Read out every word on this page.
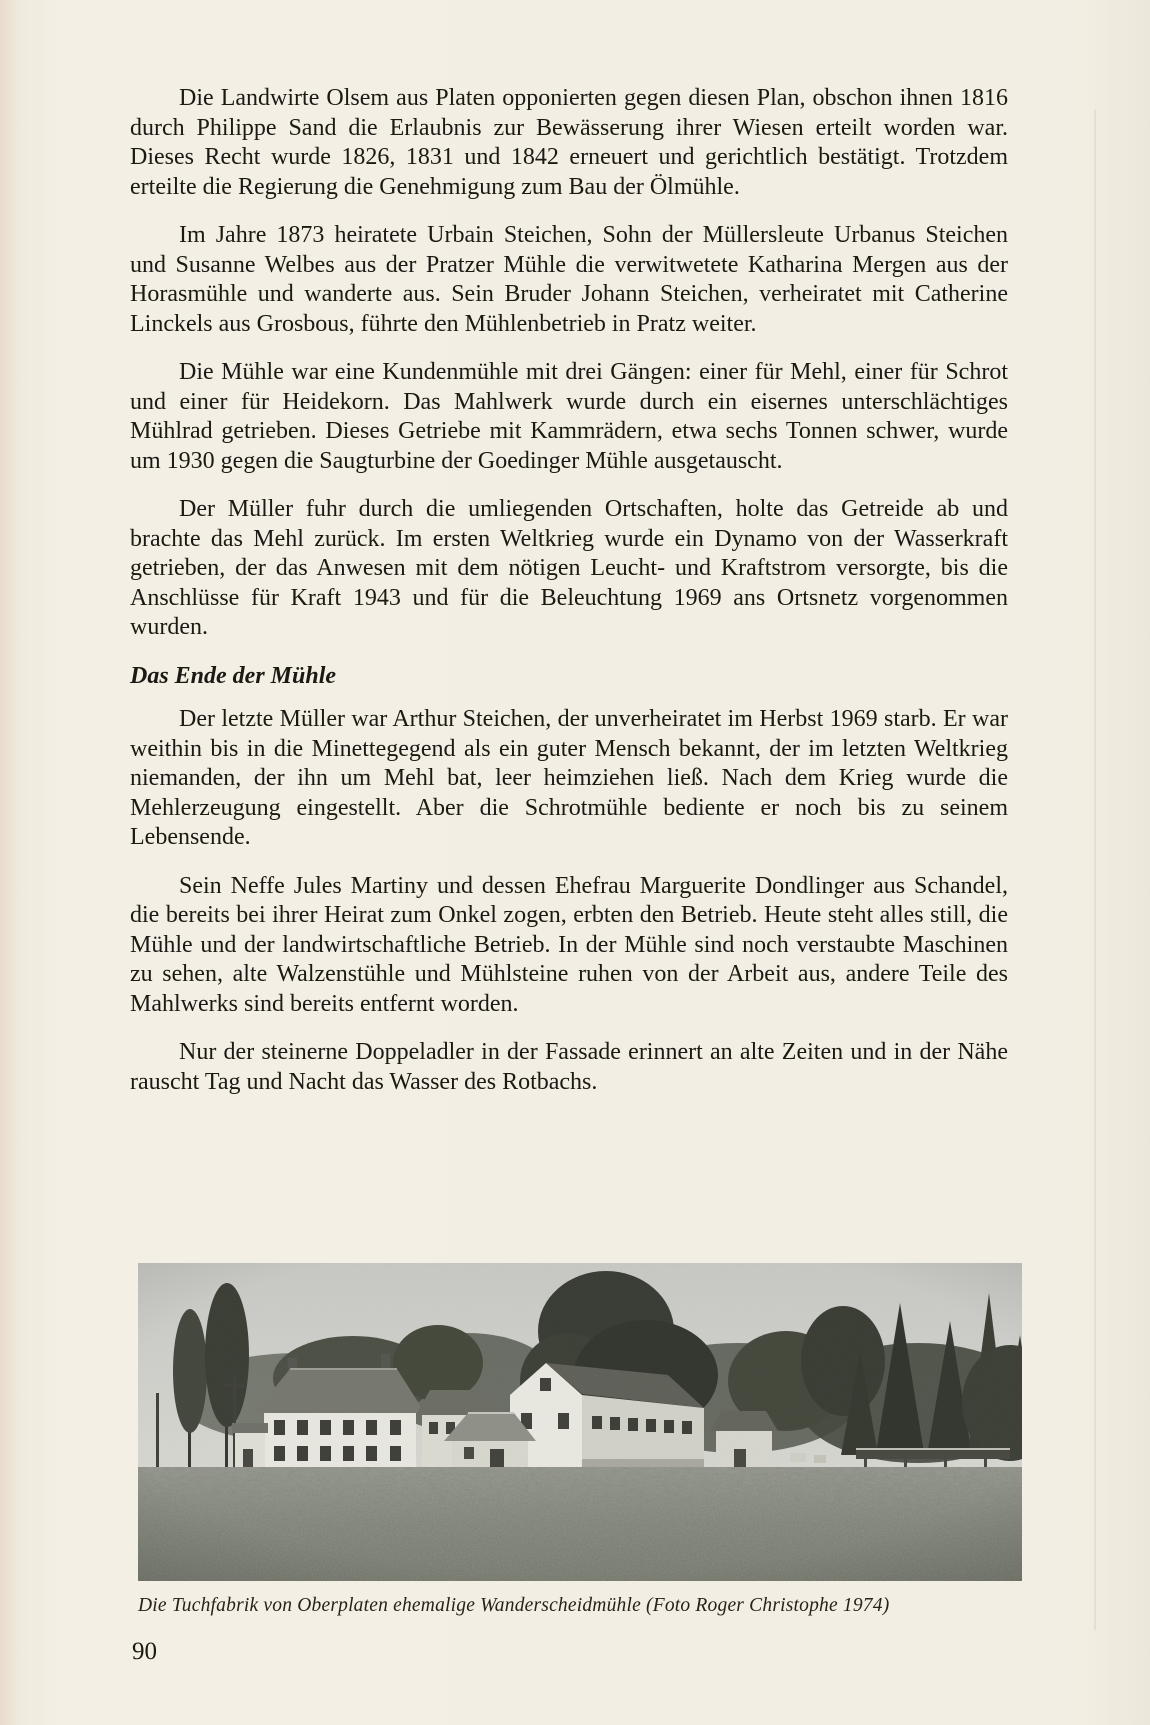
Die Landwirte Olsem aus Platen opponierten gegen diesen Plan, obschon ihnen 1816 durch Philippe Sand die Erlaubnis zur Bewässerung ihrer Wiesen erteilt worden war. Dieses Recht wurde 1826, 1831 und 1842 erneuert und gerichtlich bestätigt. Trotzdem erteilte die Regierung die Genehmigung zum Bau der Ölmühle.

Im Jahre 1873 heiratete Urbain Steichen, Sohn der Müllersleute Urbanus Steichen und Susanne Welbes aus der Pratzer Mühle die verwitwetete Katharina Mergen aus der Horasmühle und wanderte aus. Sein Bruder Johann Steichen, verheiratet mit Catherine Linckels aus Grosbous, führte den Mühlenbetrieb in Pratz weiter.

Die Mühle war eine Kundenmühle mit drei Gängen: einer für Mehl, einer für Schrot und einer für Heidekorn. Das Mahlwerk wurde durch ein eisernes unterschlächtiges Mühlrad getrieben. Dieses Getriebe mit Kammrädern, etwa sechs Tonnen schwer, wurde um 1930 gegen die Saugturbine der Goedinger Mühle ausgetauscht.

Der Müller fuhr durch die umliegenden Ortschaften, holte das Getreide ab und brachte das Mehl zurück. Im ersten Weltkrieg wurde ein Dynamo von der Wasserkraft getrieben, der das Anwesen mit dem nötigen Leucht- und Kraftstrom versorgte, bis die Anschlüsse für Kraft 1943 und für die Beleuchtung 1969 ans Ortsnetz vorgenommen wurden.

Das Ende der Mühle

Der letzte Müller war Arthur Steichen, der unverheiratet im Herbst 1969 starb. Er war weithin bis in die Minettegegend als ein guter Mensch bekannt, der im letzten Weltkrieg niemanden, der ihn um Mehl bat, leer heimziehen ließ. Nach dem Krieg wurde die Mehlerzeugung eingestellt. Aber die Schrotmühle bediente er noch bis zu seinem Lebensende.

Sein Neffe Jules Martiny und dessen Ehefrau Marguerite Dondlinger aus Schandel, die bereits bei ihrer Heirat zum Onkel zogen, erbten den Betrieb. Heute steht alles still, die Mühle und der landwirtschaftliche Betrieb. In der Mühle sind noch verstaubte Maschinen zu sehen, alte Walzenstühle und Mühlsteine ruhen von der Arbeit aus, andere Teile des Mahlwerks sind bereits entfernt worden.

Nur der steinerne Doppeladler in der Fassade erinnert an alte Zeiten und in der Nähe rauscht Tag und Nacht das Wasser des Rotbachs.

Die Tuchfabrik von Oberplaten ehemalige Wanderscheidmühle (Foto Roger Christophe 1974)
90
